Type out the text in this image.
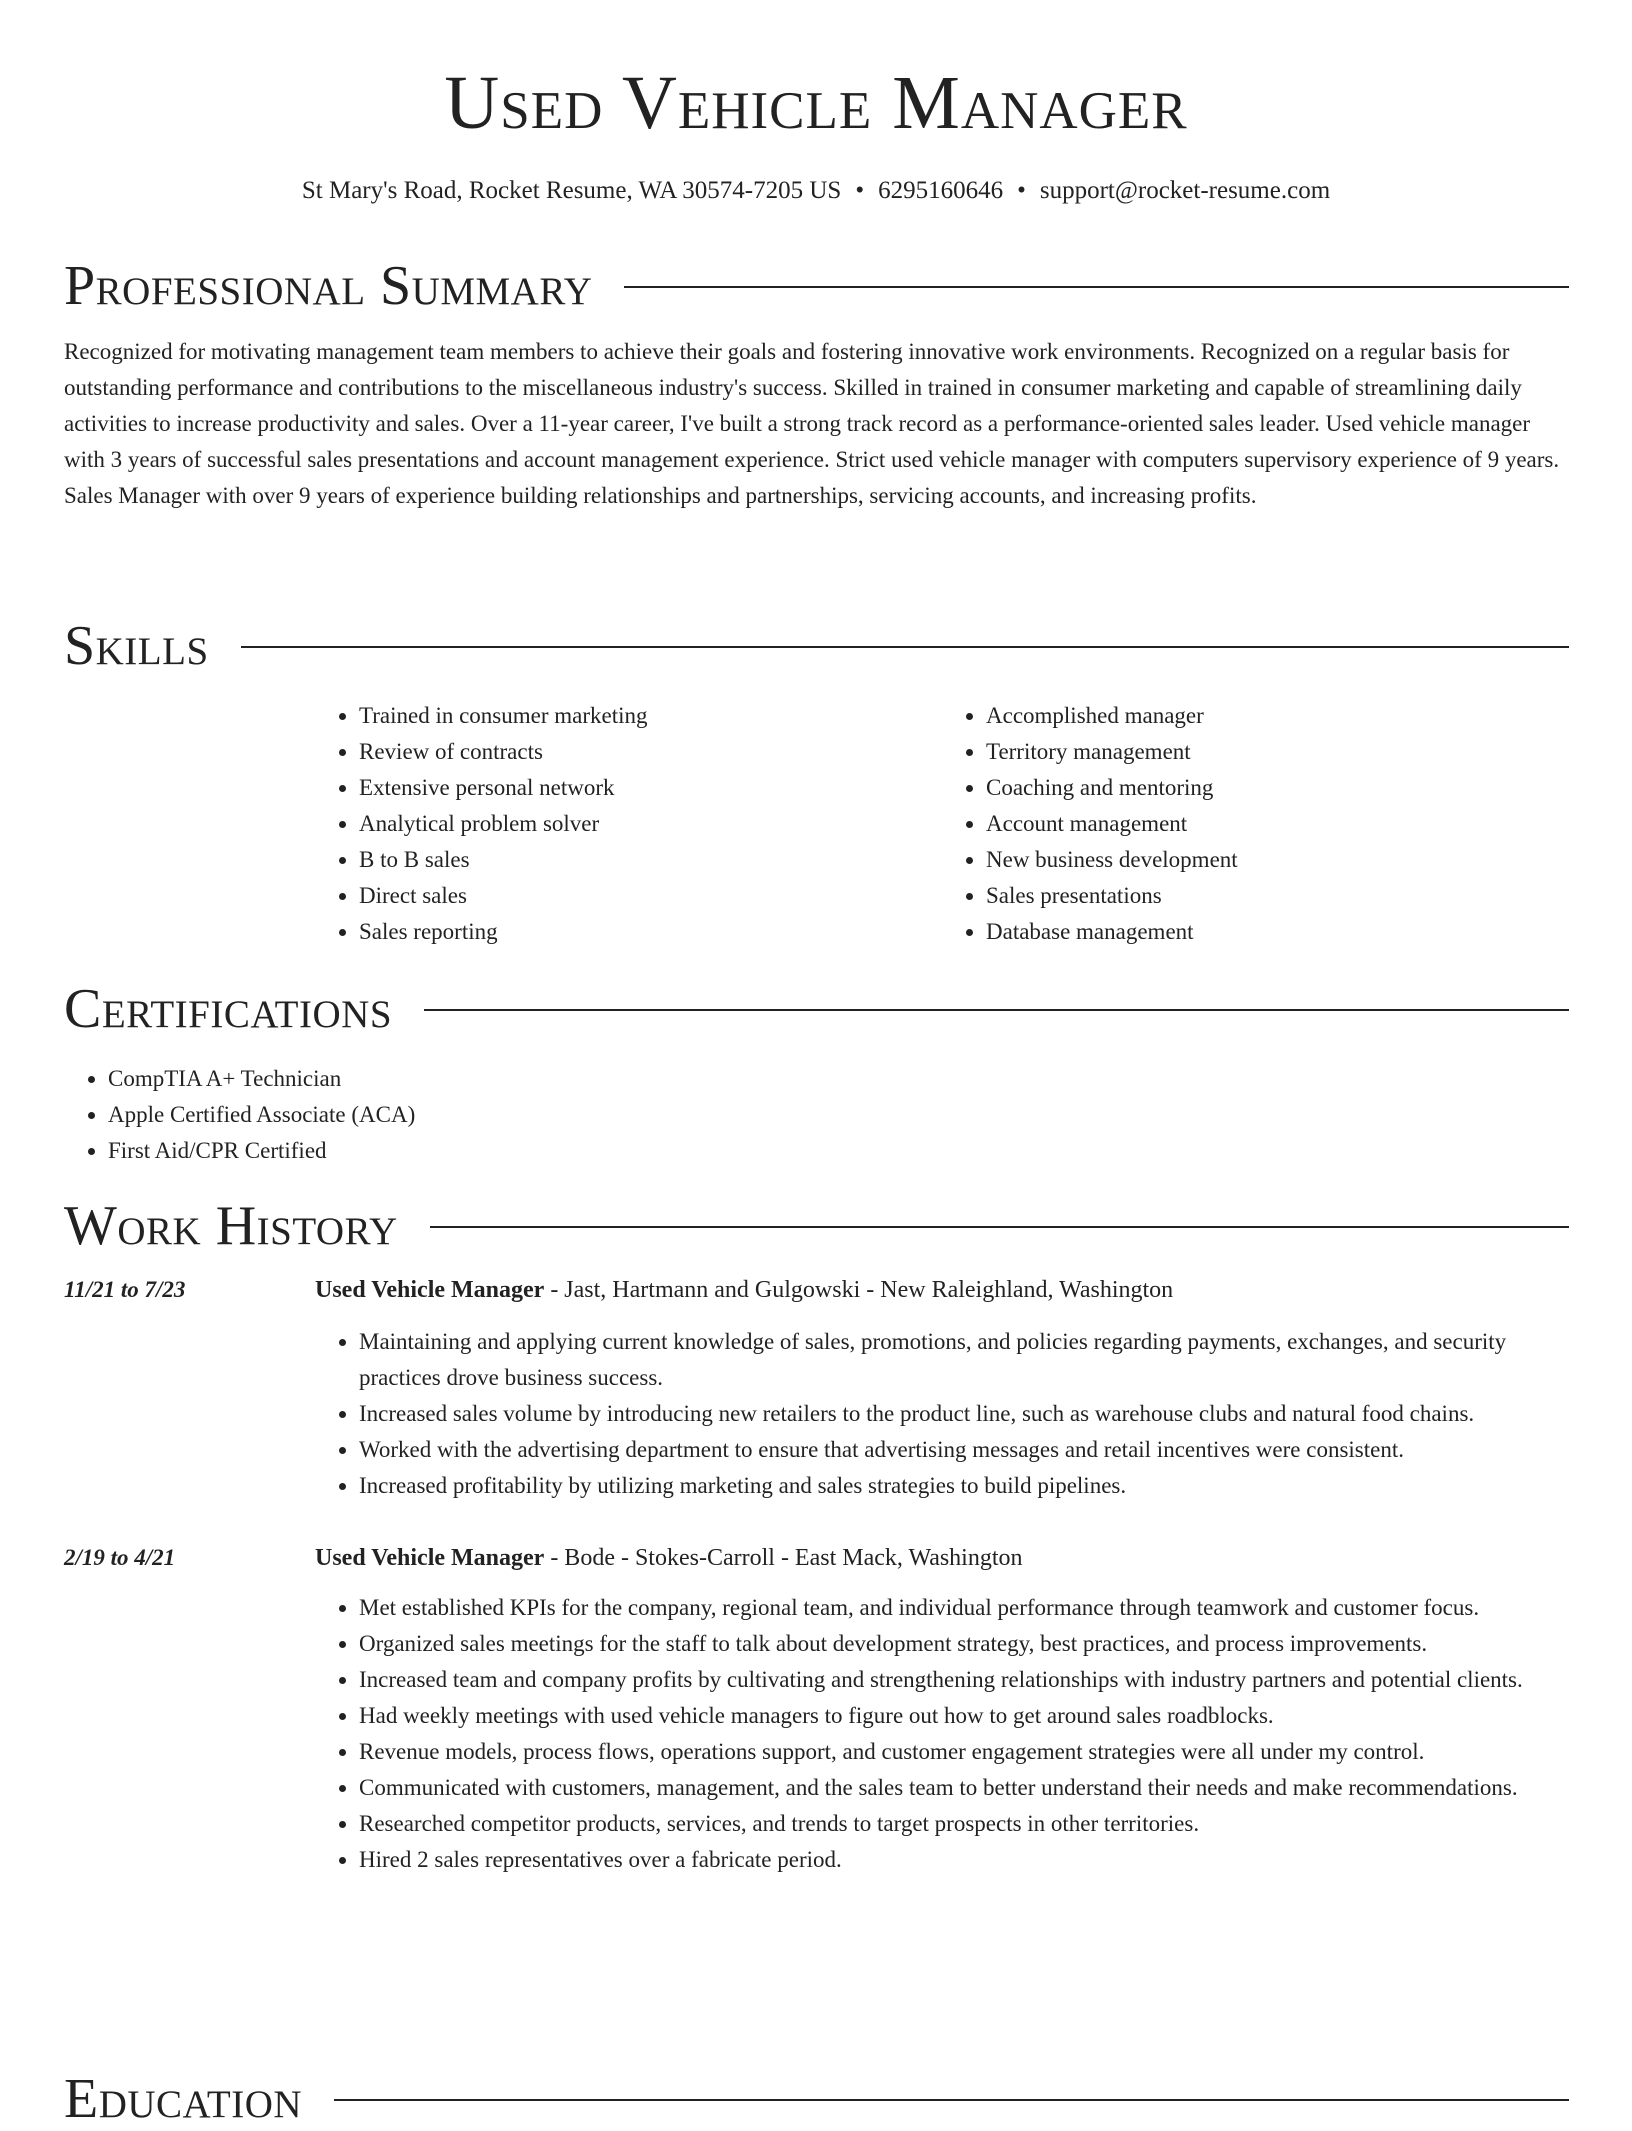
Used Vehicle Manager
St Mary's Road, Rocket Resume, WA 30574-7205 US • 6295160646 • support@rocket-resume.com
Professional Summary

Recognized for motivating management team members to achieve their goals and fostering innovative work environments. Recognized on a regular basis for outstanding performance and contributions to the miscellaneous industry's success. Skilled in trained in consumer marketing and capable of streamlining daily activities to increase productivity and sales. Over a 11-year career, I've built a strong track record as a performance-oriented sales leader. Used vehicle manager with 3 years of successful sales presentations and account management experience. Strict used vehicle manager with computers supervisory experience of 9 years. Sales Manager with over 9 years of experience building relationships and partnerships, servicing accounts, and increasing profits.

Skills
• Trained in consumer marketing
• Review of contracts
• Extensive personal network
• Analytical problem solver
• B to B sales
• Direct sales
• Sales reporting
• Accomplished manager
• Territory management
• Coaching and mentoring
• Account management
• New business development
• Sales presentations
• Database management
Certifications
• CompTIA A+ Technician
• Apple Certified Associate (ACA)
• First Aid/CPR Certified
Work History
11/21 to 7/23	Used Vehicle Manager - Jast, Hartmann and Gulgowski - New Raleighland, Washington
• Maintaining and applying current knowledge of sales, promotions, and policies regarding payments, exchanges, and security practices drove business success.
• Increased sales volume by introducing new retailers to the product line, such as warehouse clubs and natural food chains.
• Worked with the advertising department to ensure that advertising messages and retail incentives were consistent.
• Increased profitability by utilizing marketing and sales strategies to build pipelines.
2/19 to 4/21	Used Vehicle Manager - Bode - Stokes-Carroll - East Mack, Washington
• Met established KPIs for the company, regional team, and individual performance through teamwork and customer focus.
• Organized sales meetings for the staff to talk about development strategy, best practices, and process improvements.
• Increased team and company profits by cultivating and strengthening relationships with industry partners and potential clients.
• Had weekly meetings with used vehicle managers to figure out how to get around sales roadblocks.
• Revenue models, process flows, operations support, and customer engagement strategies were all under my control.
• Communicated with customers, management, and the sales team to better understand their needs and make recommendations.
• Researched competitor products, services, and trends to target prospects in other territories.
• Hired 2 sales representatives over a fabricate period.
Education
